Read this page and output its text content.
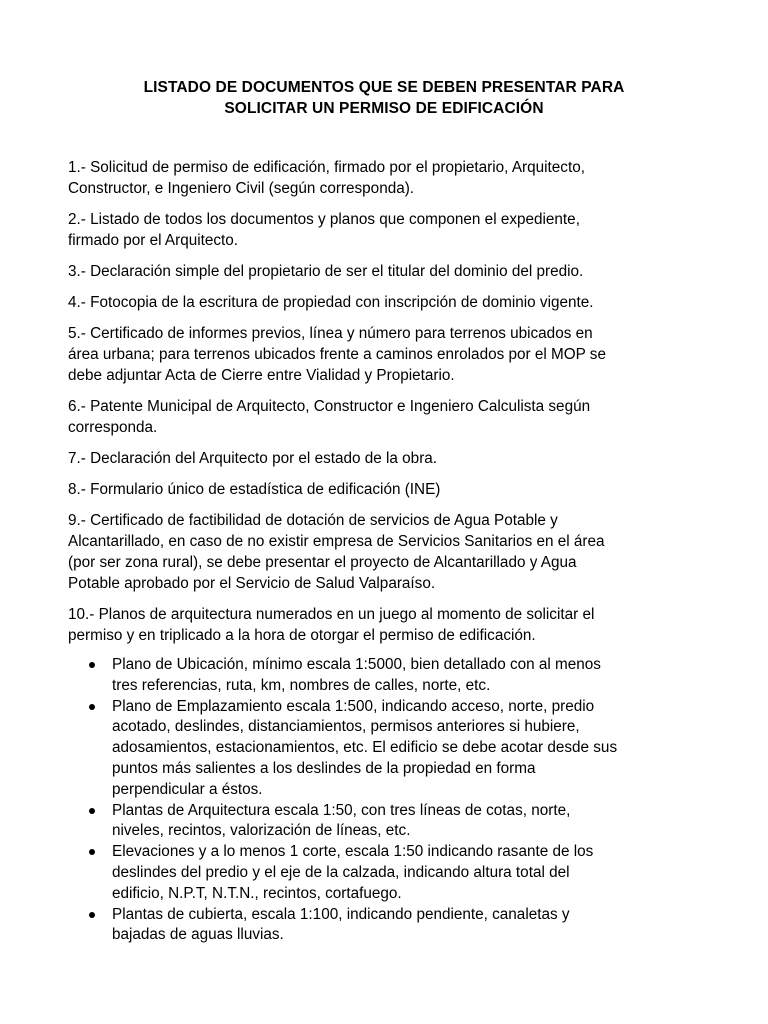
LISTADO DE DOCUMENTOS QUE SE DEBEN PRESENTAR PARA
SOLICITAR UN PERMISO DE EDIFICACIÓN
1.- Solicitud de permiso de edificación, firmado por el propietario, Arquitecto,
Constructor, e Ingeniero Civil (según corresponda).
2.- Listado de todos los documentos y planos que componen el expediente,
firmado por el Arquitecto.
3.- Declaración simple del propietario de ser el titular del dominio del predio.
4.- Fotocopia de la escritura de propiedad con inscripción de dominio vigente.
5.- Certificado de informes previos, línea y número para terrenos ubicados en
área urbana; para terrenos ubicados frente a caminos enrolados por el MOP se
debe adjuntar Acta de Cierre entre Vialidad y Propietario.
6.- Patente Municipal de Arquitecto, Constructor e Ingeniero Calculista según
corresponda.
7.- Declaración del Arquitecto por el estado de la obra.
8.- Formulario único de estadística de edificación (INE)
9.- Certificado de factibilidad de dotación de servicios de Agua Potable y
Alcantarillado, en caso de no existir empresa de Servicios Sanitarios en el área
(por ser zona rural), se debe presentar el proyecto de Alcantarillado y Agua
Potable aprobado por el Servicio de Salud Valparaíso.
10.- Planos de arquitectura numerados en un juego al momento de solicitar el
permiso y en triplicado a la hora de otorgar el permiso de edificación.
Plano de Ubicación, mínimo escala 1:5000, bien detallado con al menos
tres referencias, ruta, km, nombres de calles, norte, etc.
Plano de Emplazamiento escala 1:500, indicando acceso, norte, predio
acotado, deslindes, distanciamientos, permisos anteriores si hubiere,
adosamientos, estacionamientos, etc. El edificio se debe acotar desde sus
puntos más salientes a los deslindes de la propiedad en forma
perpendicular a éstos.
Plantas de Arquitectura escala 1:50, con tres líneas de cotas, norte,
niveles, recintos, valorización de líneas, etc.
Elevaciones y a lo menos 1 corte, escala 1:50 indicando rasante de los
deslindes del predio y el eje de la calzada, indicando altura total del
edificio, N.P.T, N.T.N., recintos, cortafuego.
Plantas de cubierta, escala 1:100, indicando pendiente, canaletas y
bajadas de aguas lluvias.
